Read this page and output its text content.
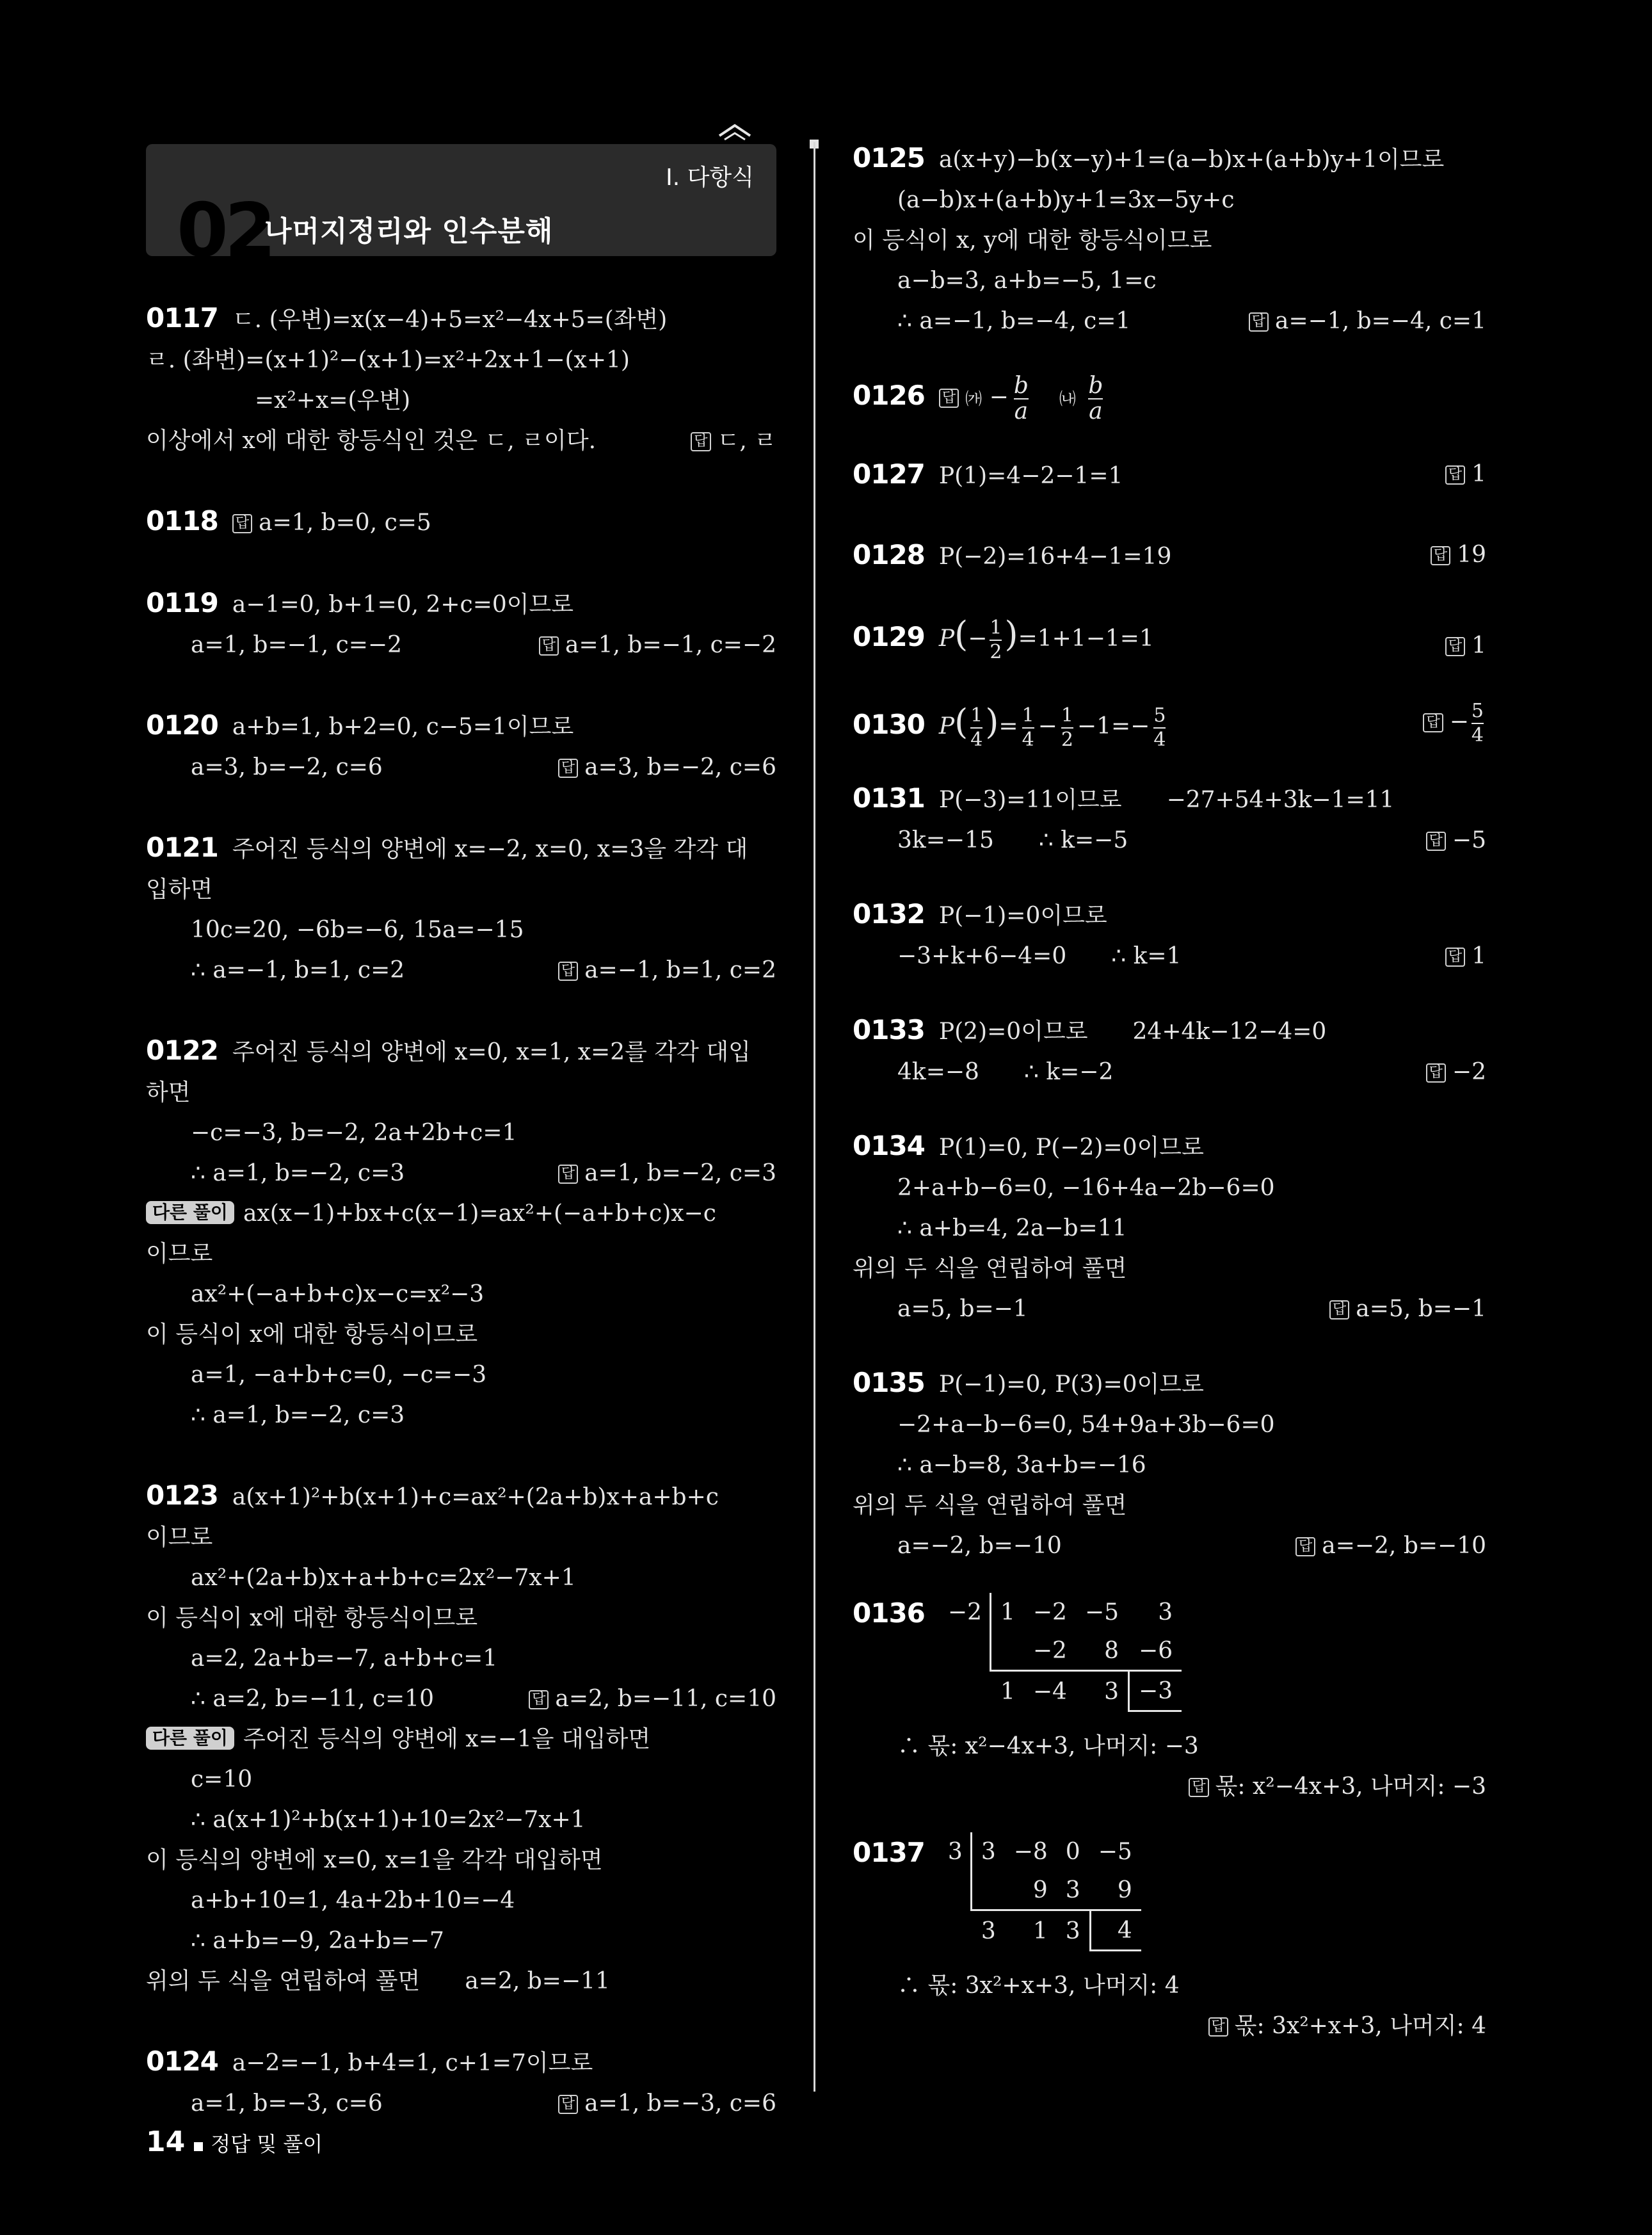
02
나머지정리와 인수분해
Ⅰ. 다항식
0117 ㄷ. (우변)=x(x−4)+5=x²−4x+5=(좌변)
ㄹ. (좌변)=(x+1)²−(x+1)=x²+2x+1−(x+1)
=x²+x=(우변)
이상에서 x에 대한 항등식인 것은 ㄷ, ㄹ이다.	답 ㄷ, ㄹ
0118 답 a=1, b=0, c=5
0119 a−1=0, b+1=0, 2+c=0이므로
a=1, b=−1, c=−2	답 a=1, b=−1, c=−2
0120 a+b=1, b+2=0, c−5=1이므로
a=3, b=−2, c=6	답 a=3, b=−2, c=6
0121 주어진 등식의 양변에 x=−2, x=0, x=3을 각각 대
입하면
10c=20, −6b=−6, 15a=−15
∴ a=−1, b=1, c=2	답 a=−1, b=1, c=2
0122 주어진 등식의 양변에 x=0, x=1, x=2를 각각 대입
하면
−c=−3, b=−2, 2a+2b+c=1
∴ a=1, b=−2, c=3	답 a=1, b=−2, c=3
다른 풀이 ax(x−1)+bx+c(x−1)=ax²+(−a+b+c)x−c
이므로
ax²+(−a+b+c)x−c=x²−3
이 등식이 x에 대한 항등식이므로
a=1, −a+b+c=0, −c=−3
∴ a=1, b=−2, c=3
0123 a(x+1)²+b(x+1)+c=ax²+(2a+b)x+a+b+c
이므로
ax²+(2a+b)x+a+b+c=2x²−7x+1
이 등식이 x에 대한 항등식이므로
a=2, 2a+b=−7, a+b+c=1
∴ a=2, b=−11, c=10	답 a=2, b=−11, c=10
다른 풀이 주어진 등식의 양변에 x=−1을 대입하면
c=10
∴ a(x+1)²+b(x+1)+10=2x²−7x+1
이 등식의 양변에 x=0, x=1을 각각 대입하면
a+b+10=1, 4a+2b+10=−4
∴ a+b=−9, 2a+b=−7
위의 두 식을 연립하여 풀면 a=2, b=−11
0124 a−2=−1, b+4=1, c+1=7이므로
a=1, b=−3, c=6	답 a=1, b=−3, c=6
0125 a(x+y)−b(x−y)+1=(a−b)x+(a+b)y+1이므로
(a−b)x+(a+b)y+1=3x−5y+c
이 등식이 x, y에 대한 항등식이므로
a−b=3, a+b=−5, 1=c
∴ a=−1, b=−4, c=1	답 a=−1, b=−4, c=1
0126 답 ㈎ − $\frac{b}{a}$ ㈏ $\frac{b}{a}$
0127 P(1)=4−2−1=1	답 1
0128 P(−2)=16+4−1=19	답 19
0129 $P(- \frac{1}{2} )=1+1-1=1$	답 1
0130 $P( \frac{1}{4}$ )= $\frac{1}{4} - \frac{1}{2} -1=- \frac{5}{4}$	답 − $\frac{5}{4}$
0131 P(−3)=11이므로 −27+54+3k−1=11
3k=−15 ∴ k=−5	답 −5
0132 P(−1)=0이므로
−3+k+6−4=0 ∴ k=1	답 1
0133 P(2)=0이므로 24+4k−12−4=0
4k=−8 ∴ k=−2	답 −2
0134 P(1)=0, P(−2)=0이므로
2+a+b−6=0, −16+4a−2b−6=0
∴ a+b=4, 2a−b=11
위의 두 식을 연립하여 풀면
a=5, b=−1	답 a=5, b=−1
0135 P(−1)=0, P(3)=0이므로
−2+a−b−6=0, 54+9a+3b−6=0
∴ a−b=8, 3a+b=−16
위의 두 식을 연립하여 풀면
a=−2, b=−10	답 a=−2, b=−10
0136 −2	1	−2	−5	3
		−2	8	−6
	1	−4	3	−3
∴ 몫: x²−4x+3, 나머지: −3
답 몫: x²−4x+3, 나머지: −3
0137 3	3	−8	0	−5
		9	3	9
	3	1	3	4
∴ 몫: 3x²+x+3, 나머지: 4
답 몫: 3x²+x+3, 나머지: 4
14 정답 및 풀이
